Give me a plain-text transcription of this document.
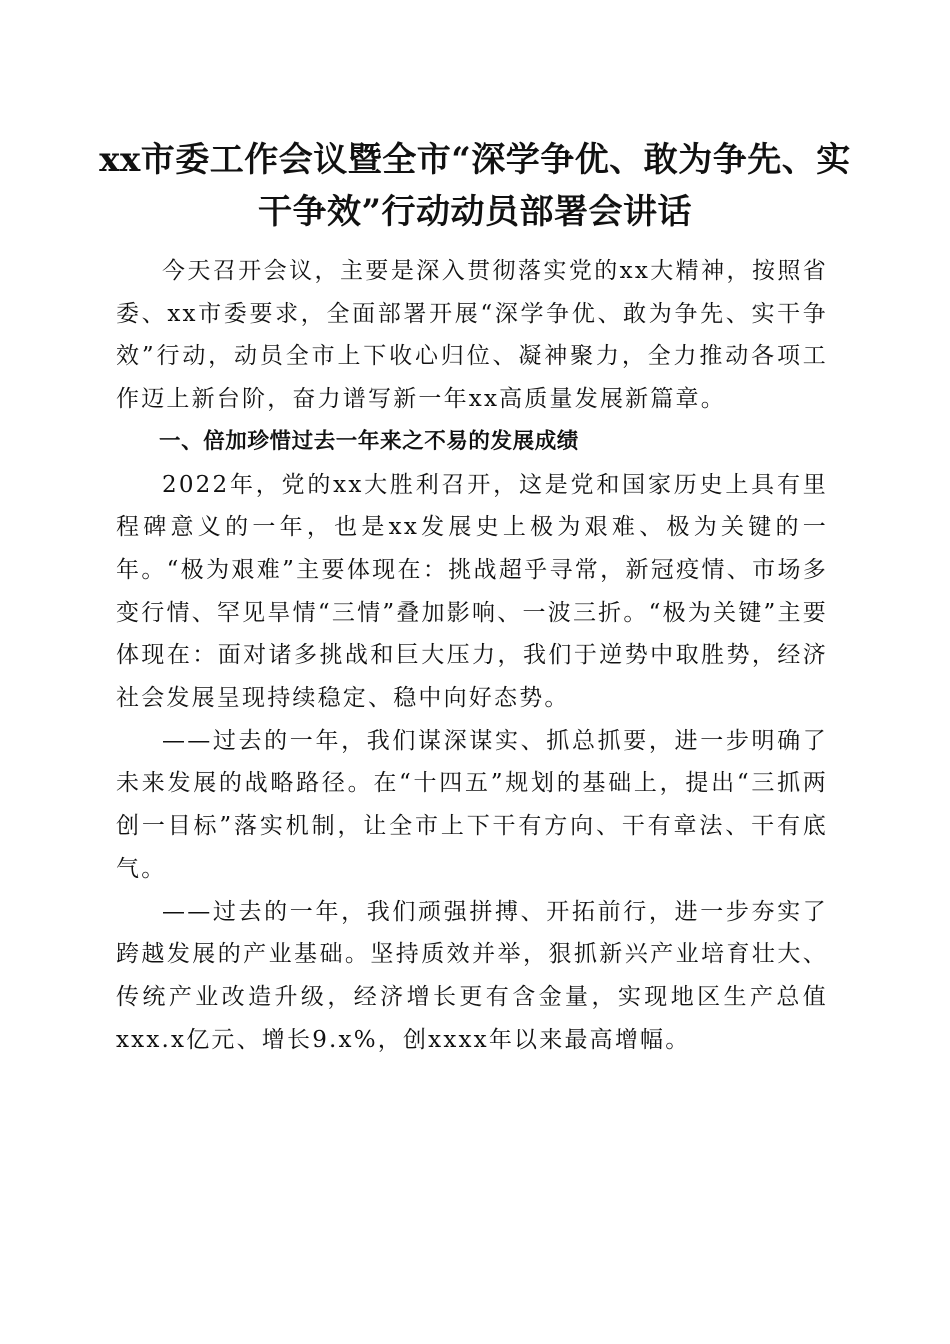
xx市委工作会议暨全市“深学争优、敢为争先、实干争效”行动动员部署会讲话

今天召开会议，主要是深入贯彻落实党的xx大精神，按照省委、xx市委要求，全面部署开展“深学争优、敢为争先、实干争效”行动，动员全市上下收心归位、凝神聚力，全力推动各项工作迈上新台阶，奋力谱写新一年xx高质量发展新篇章。

一、倍加珍惜过去一年来之不易的发展成绩

2022年，党的xx大胜利召开，这是党和国家历史上具有里程碑意义的一年，也是xx发展史上极为艰难、极为关键的一年。“极为艰难”主要体现在：挑战超乎寻常，新冠疫情、市场多变行情、罕见旱情“三情”叠加影响、一波三折。“极为关键”主要体现在：面对诸多挑战和巨大压力，我们于逆势中取胜势，经济社会发展呈现持续稳定、稳中向好态势。

——过去的一年，我们谋深谋实、抓总抓要，进一步明确了未来发展的战略路径。在“十四五”规划的基础上，提出“三抓两创一目标”落实机制，让全市上下干有方向、干有章法、干有底气。

——过去的一年，我们顽强拼搏、开拓前行，进一步夯实了跨越发展的产业基础。坚持质效并举，狠抓新兴产业培育壮大、传统产业改造升级，经济增长更有含金量，实现地区生产总值xxx.x亿元、增长9.x%，创xxxx年以来最高增幅。
